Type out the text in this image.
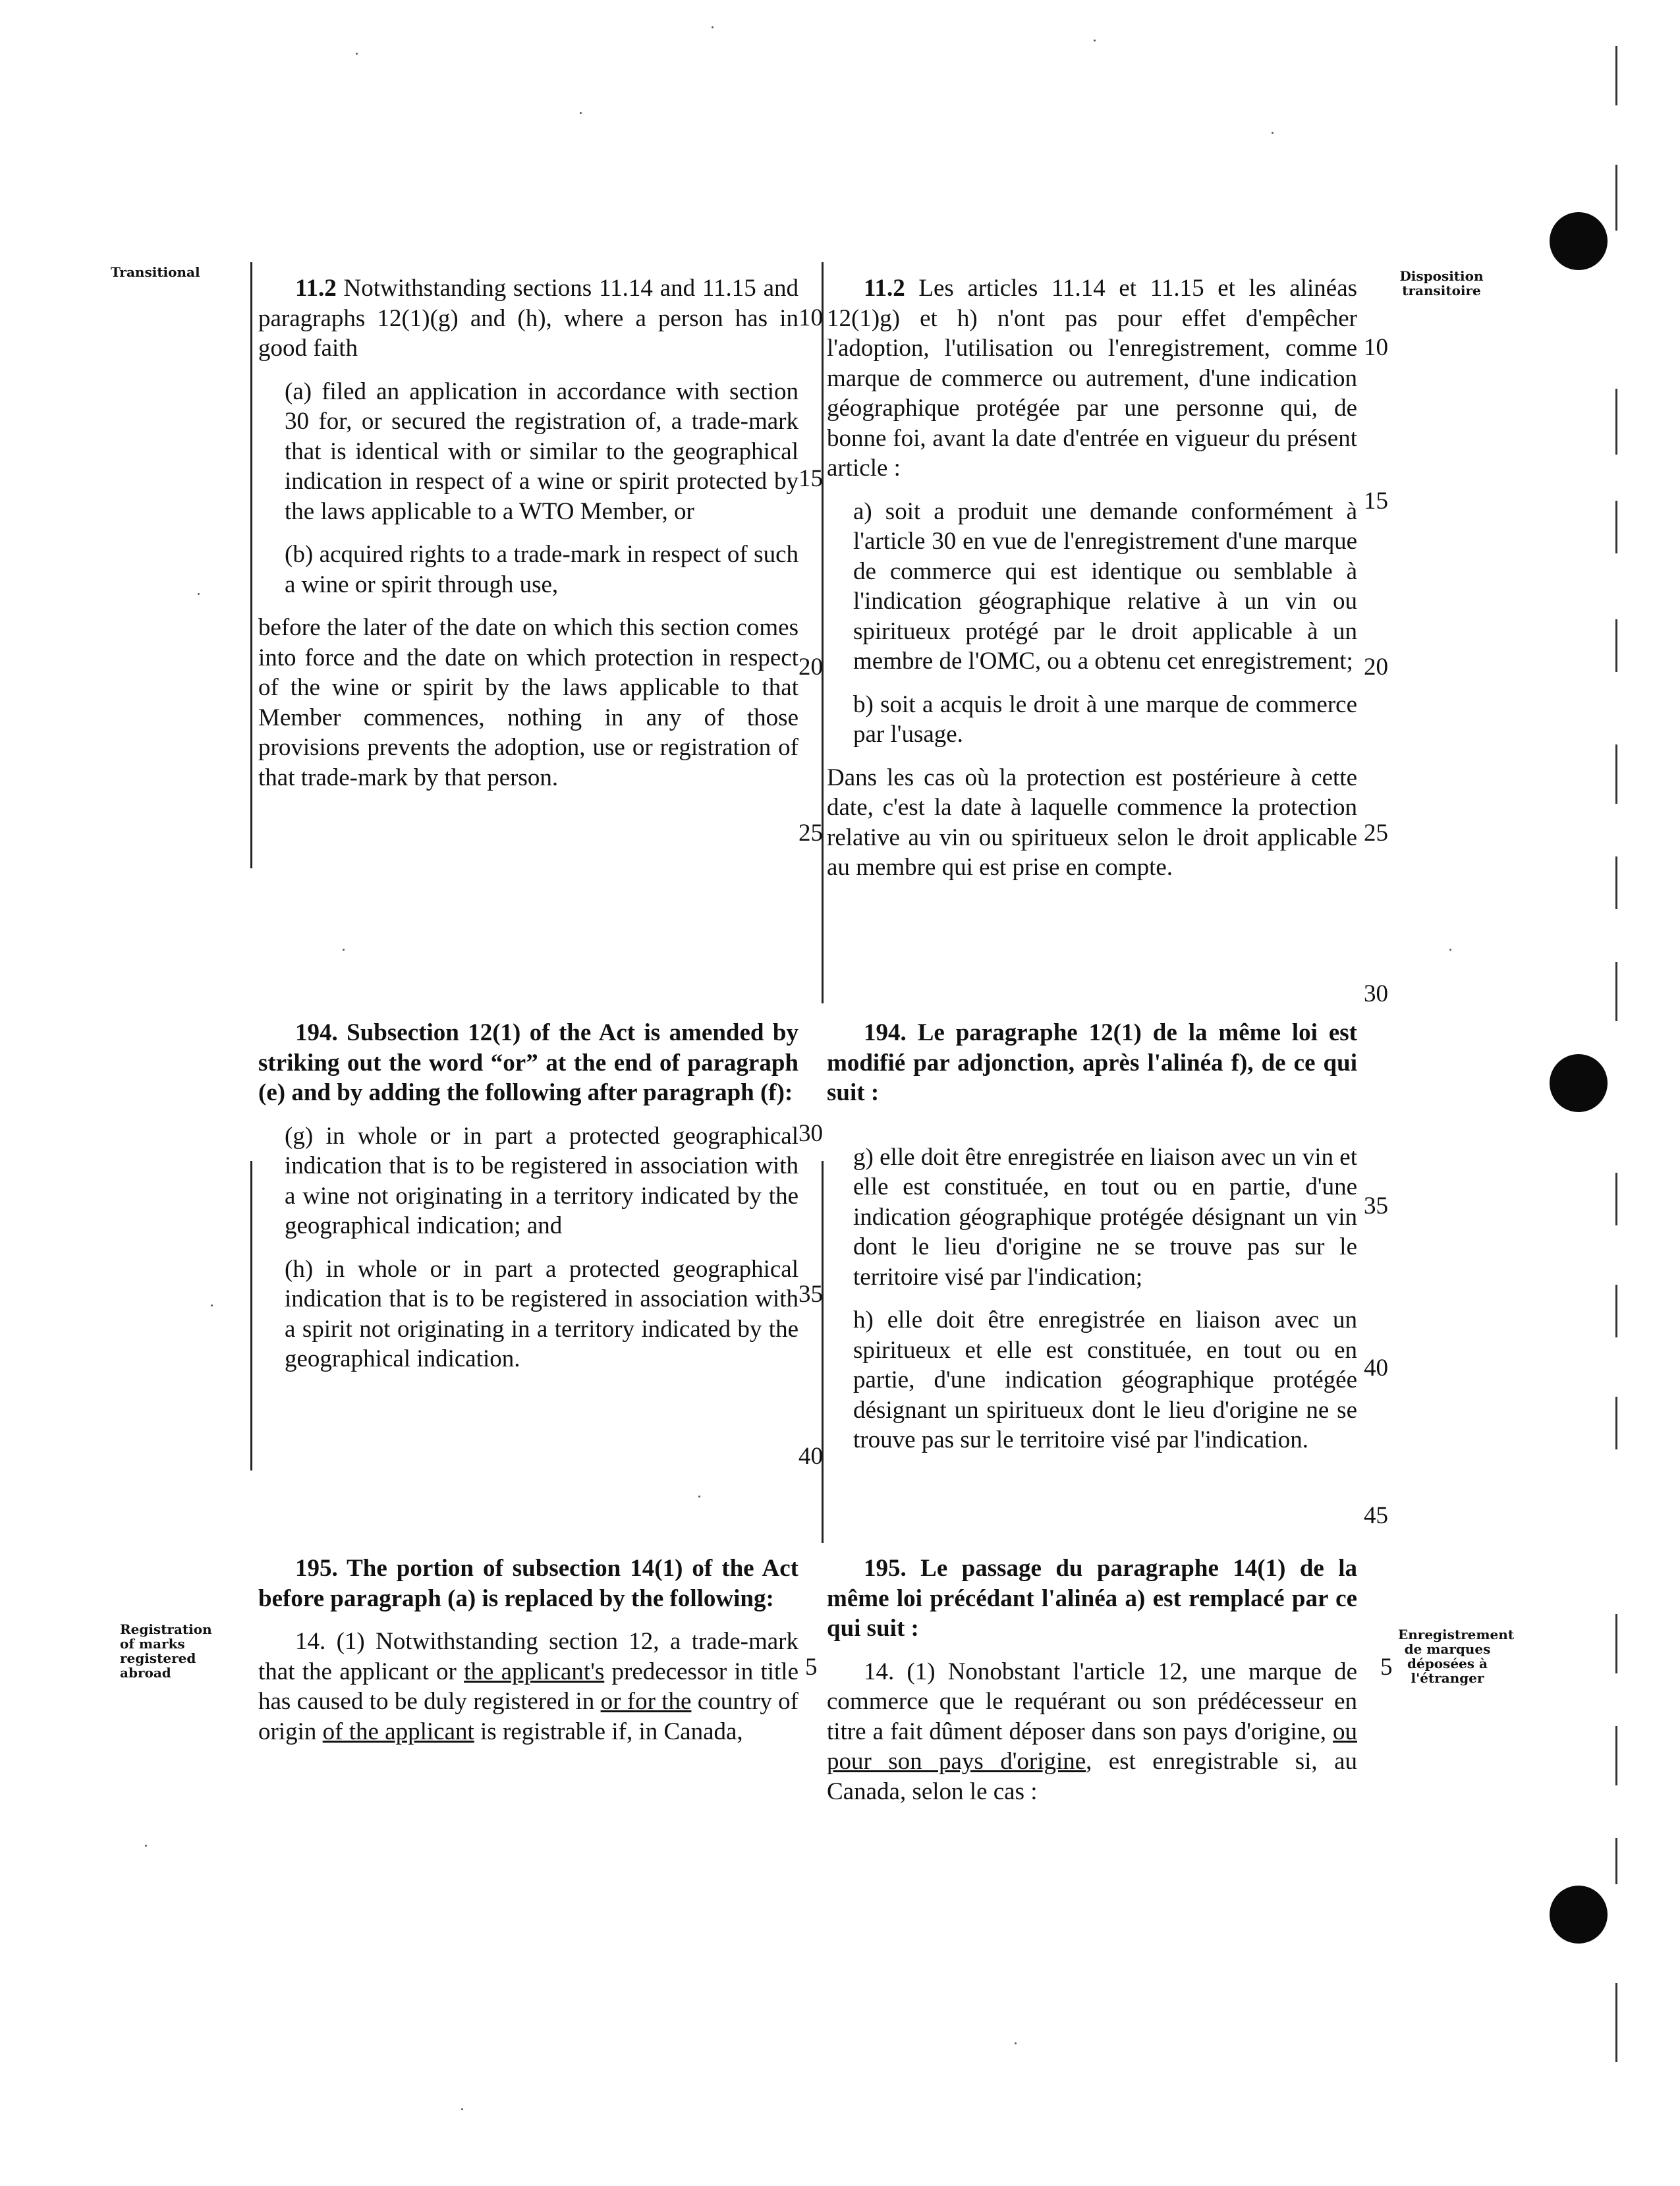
Transitional	Disposition transitoire
Registration of marks registered abroad
Enregistrement de marques déposées à l'étranger

11.2 Notwithstanding sections 11.14 and 11.15 and paragraphs 12(1)(g) and (h), where a person has in good faith

(a) filed an application in accordance with section 30 for, or secured the registration of, a trade-mark that is identical with or similar to the geographical indication in respect of a wine or spirit protected by the laws applicable to a WTO Member, or

(b) acquired rights to a trade-mark in respect of such a wine or spirit through use,

before the later of the date on which this section comes into force and the date on which protection in respect of the wine or spirit by the laws applicable to that Member commences, nothing in any of those provisions prevents the adoption, use or registration of that trade-mark by that person.

11.2 Les articles 11.14 et 11.15 et les alinéas 12(1)g) et h) n'ont pas pour effet d'empêcher l'adoption, l'utilisation ou l'enregistrement, comme marque de commerce ou autrement, d'une indication géographique protégée par une personne qui, de bonne foi, avant la date d'entrée en vigueur du présent article :

a) soit a produit une demande conformément à l'article 30 en vue de l'enregistrement d'une marque de commerce qui est identique ou semblable à l'indication géographique relative à un vin ou spiritueux protégé par le droit applicable à un membre de l'OMC, ou a obtenu cet enregistrement;

b) soit a acquis le droit à une marque de commerce par l'usage.

Dans les cas où la protection est postérieure à cette date, c'est la date à laquelle commence la protection relative au vin ou spiritueux selon le droit applicable au membre qui est prise en compte.

194. Subsection 12(1) of the Act is amended by striking out the word “or” at the end of paragraph (e) and by adding the following after paragraph (f):

(g) in whole or in part a protected geographical indication that is to be registered in association with a wine not originating in a territory indicated by the geographical indication; and

(h) in whole or in part a protected geographical indication that is to be registered in association with a spirit not originating in a territory indicated by the geographical indication.

194. Le paragraphe 12(1) de la même loi est modifié par adjonction, après l'alinéa f), de ce qui suit :

g) elle doit être enregistrée en liaison avec un vin et elle est constituée, en tout ou en partie, d'une indication géographique protégée désignant un vin dont le lieu d'origine ne se trouve pas sur le territoire visé par l'indication;

h) elle doit être enregistrée en liaison avec un spiritueux et elle est constituée, en tout ou en partie, d'une indication géographique protégée désignant un spiritueux dont le lieu d'origine ne se trouve pas sur le territoire visé par l'indication.

195. The portion of subsection 14(1) of the Act before paragraph (a) is replaced by the following:

14. (1) Notwithstanding section 12, a trade-mark that the applicant or the applicant's predecessor in title has caused to be duly registered in or for the country of origin of the applicant is registrable if, in Canada,

195. Le passage du paragraphe 14(1) de la même loi précédant l'alinéa a) est remplacé par ce qui suit :

14. (1) Nonobstant l'article 12, une marque de commerce que le requérant ou son prédécesseur en titre a fait dûment déposer dans son pays d'origine, ou pour son pays d'origine, est enregistrable si, au Canada, selon le cas :

10
15
20
25
30
35
40
5
10
15
20
25
30
35
40
45
5
